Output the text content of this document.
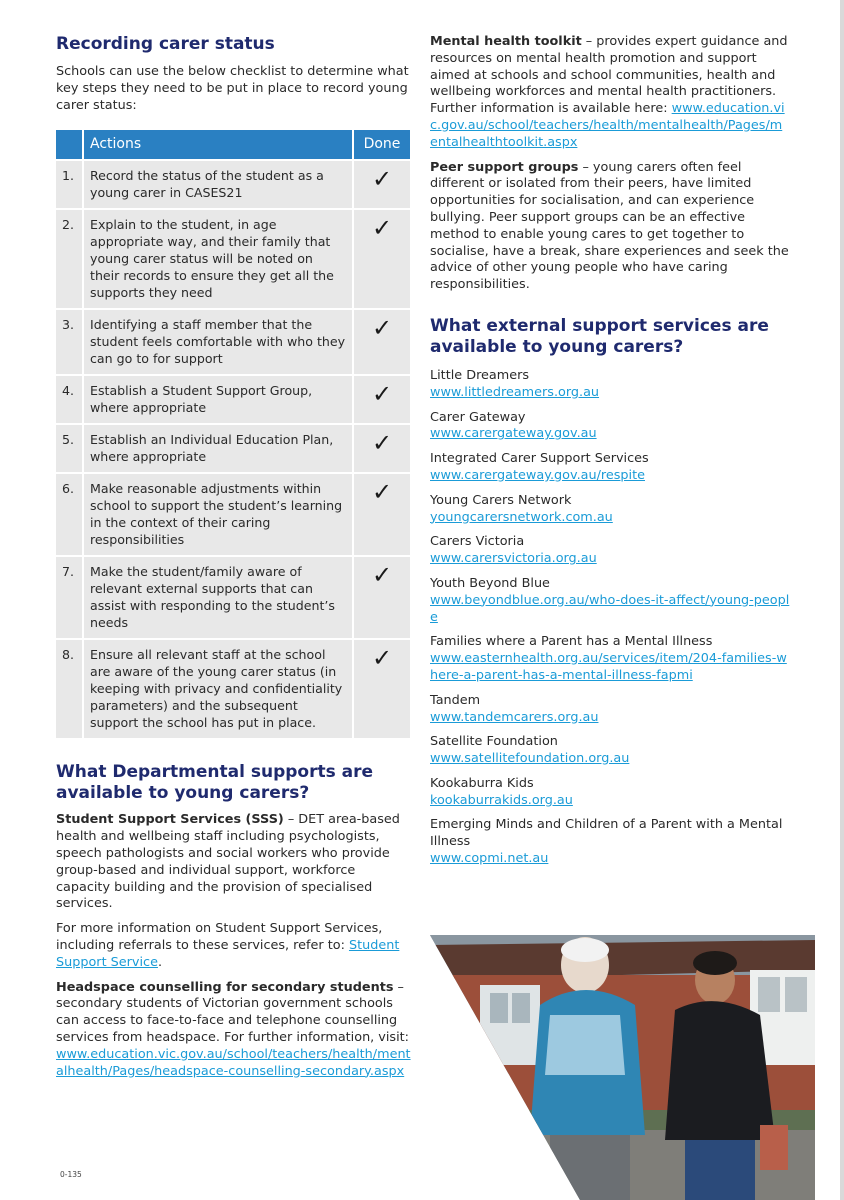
Recording carer status

Schools can use the below checklist to determine what key steps they need to be put in place to record young carer status:

	Actions	Done
1.	Record the status of the student as a young carer in CASES21	✓
2.	Explain to the student, in age appropriate way, and their family that young carer status will be noted on their records to ensure they get all the supports they need	✓
3.	Identifying a staff member that the student feels comfortable with who they can go to for support	✓
4.	Establish a Student Support Group, where appropriate	✓
5.	Establish an Individual Education Plan, where appropriate	✓
6.	Make reasonable adjustments within school to support the student’s learning in the context of their caring responsibilities	✓
7.	Make the student/family aware of relevant external supports that can assist with responding to the student’s needs	✓
8.	Ensure all relevant staff at the school are aware of the young carer status (in keeping with privacy and confidentiality parameters) and the subsequent support the school has put in place.	✓
What Departmental supports are available to young carers?

Student Support Services (SSS) – DET area-based health and wellbeing staff including psychologists, speech pathologists and social workers who provide group-based and individual support, workforce capacity building and the provision of specialised services.

For more information on Student Support Services, including referrals to these services, refer to: Student Support Service.

Headspace counselling for secondary students – secondary students of Victorian government schools can access to face-to-face and telephone counselling services from headspace. For further information, visit: www.education.vic.gov.au/school/teachers/health/mentalhealth/Pages/headspace-counselling-secondary.aspx

Mental health toolkit – provides expert guidance and resources on mental health promotion and support aimed at schools and school communities, health and wellbeing workforces and mental health practitioners. Further information is available here: www.education.vic.gov.au/school/teachers/health/mentalhealth/Pages/mentalhealthtoolkit.aspx

Peer support groups – young carers often feel different or isolated from their peers, have limited opportunities for socialisation, and can experience bullying. Peer support groups can be an effective method to enable young cares to get together to socialise, have a break, share experiences and seek the advice of other young people who have caring responsibilities.

What external support services are available to young carers?
Little Dreamers
www.littledreamers.org.au
Carer Gateway
www.carergateway.gov.au
Integrated Carer Support Services
www.carergateway.gov.au/respite
Young Carers Network
youngcarersnetwork.com.au
Carers Victoria
www.carersvictoria.org.au
Youth Beyond Blue
www.beyondblue.org.au/who-does-it-affect/young-people
Families where a Parent has a Mental Illness
www.easternhealth.org.au/services/item/204-families-where-a-parent-has-a-mental-illness-fapmi
Tandem
www.tandemcarers.org.au
Satellite Foundation
www.satellitefoundation.org.au
Kookaburra Kids
kookaburrakids.org.au
Emerging Minds and Children of a Parent with a Mental Illness
www.copmi.net.au
0-135
